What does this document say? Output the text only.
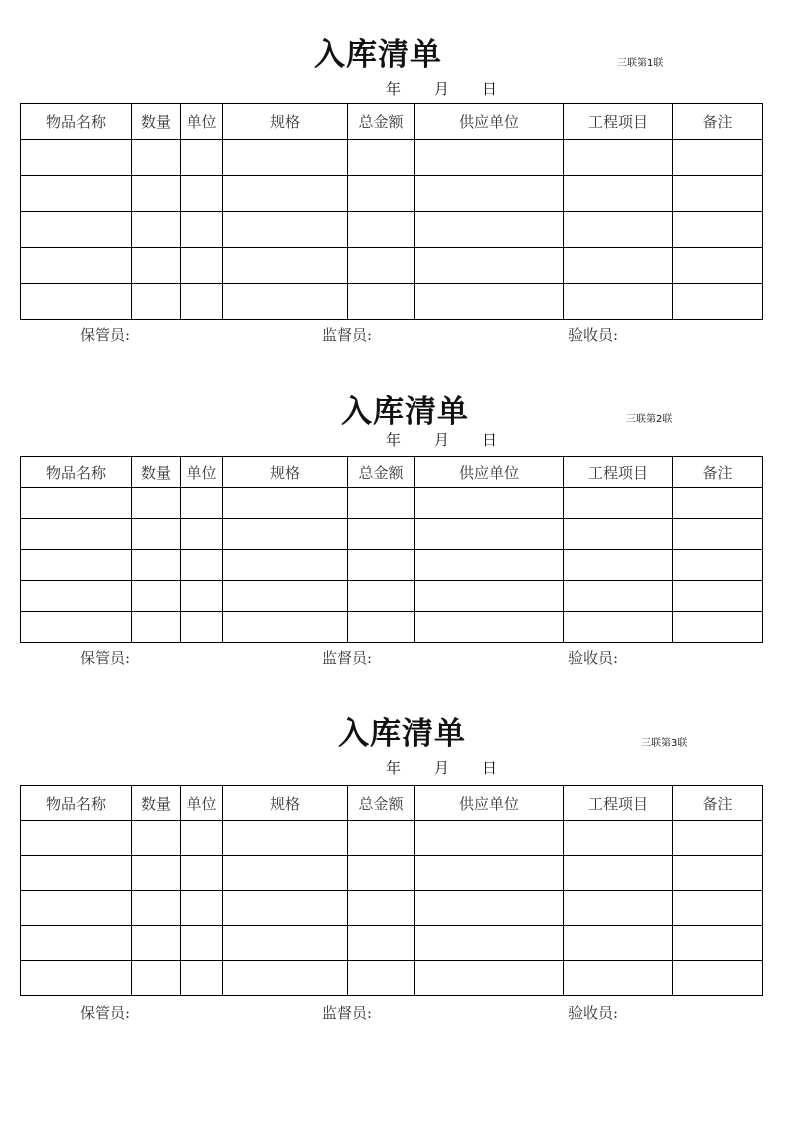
入库清单	三联第1联
年	月	日
物品名称	数量	单位	规格	总金额	供应单位	工程项目	备注

保管员:	监督员:	验收员:
入库清单	三联第2联
年	月	日
物品名称	数量	单位	规格	总金额	供应单位	工程项目	备注

保管员:	监督员:	验收员:
入库清单	三联第3联
年	月	日
物品名称	数量	单位	规格	总金额	供应单位	工程项目	备注

保管员:	监督员:	验收员:
